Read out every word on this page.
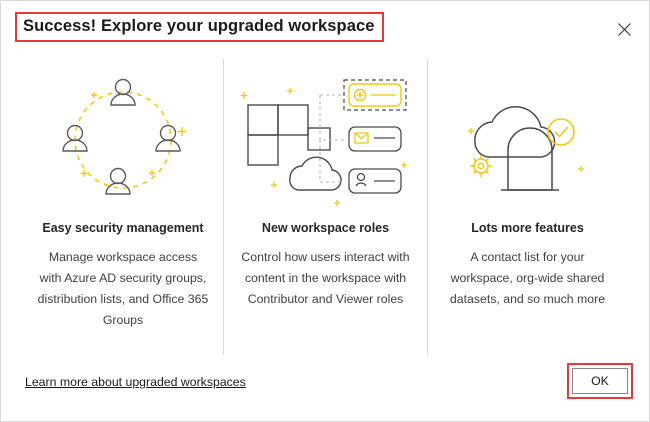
Success! Explore your upgraded workspace
Easy security management
Manage workspace access with Azure AD security groups, distribution lists, and Office 365 Groups
New workspace roles
Control how users interact with content in the workspace with Contributor and Viewer roles
Lots more features
A contact list for your workspace, org-wide shared datasets, and so much more
Learn more about upgraded workspaces	OK
